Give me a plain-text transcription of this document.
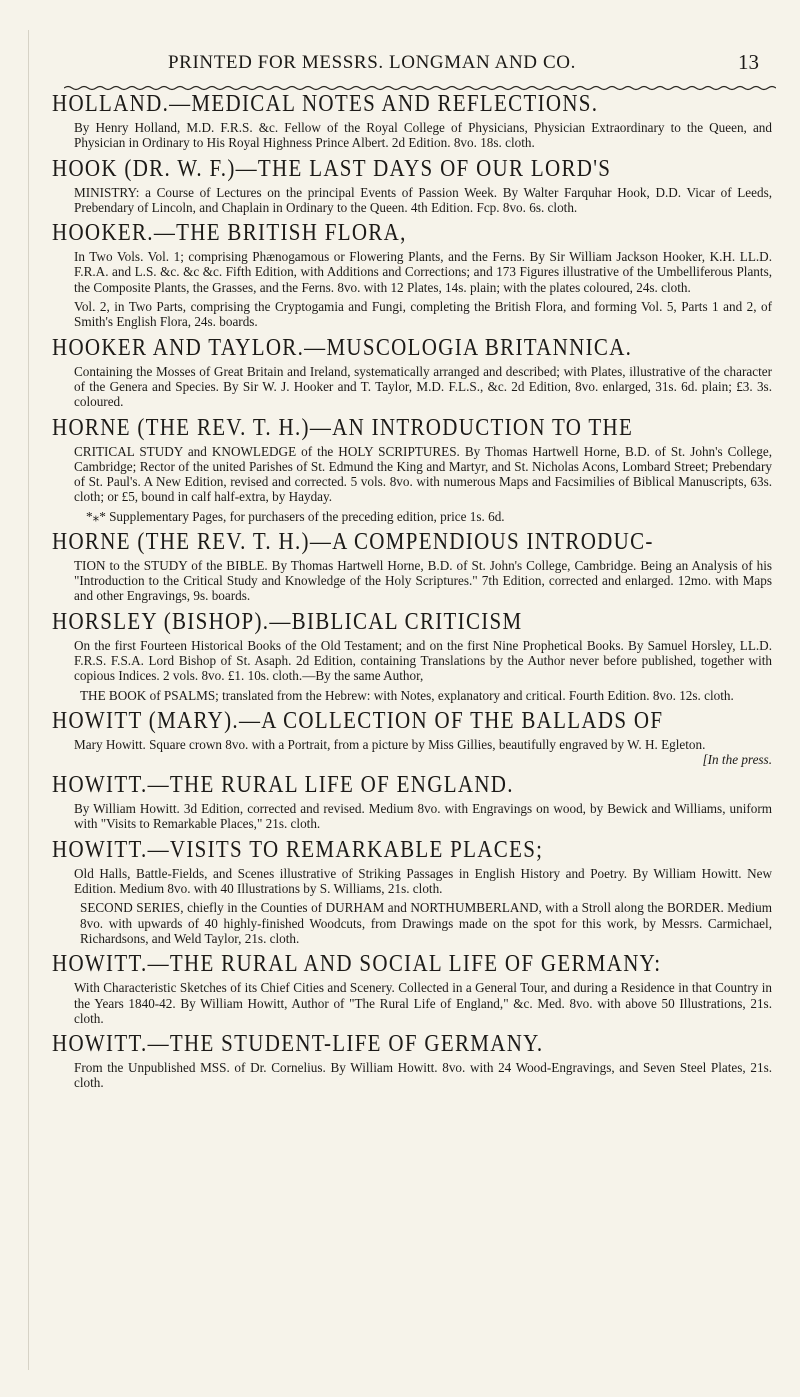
PRINTED FOR MESSRS. LONGMAN AND CO.	13
HOLLAND.—MEDICAL NOTES AND REFLECTIONS.

By Henry Holland, M.D. F.R.S. &c. Fellow of the Royal College of Physicians, Physician Extraordinary to the Queen, and Physician in Ordinary to His Royal Highness Prince Albert. 2d Edition. 8vo. 18s. cloth.

HOOK (DR. W. F.)—THE LAST DAYS OF OUR LORD'S

MINISTRY: a Course of Lectures on the principal Events of Passion Week. By Walter Farquhar Hook, D.D. Vicar of Leeds, Prebendary of Lincoln, and Chaplain in Ordinary to the Queen. 4th Edition. Fcp. 8vo. 6s. cloth.

HOOKER.—THE BRITISH FLORA,

In Two Vols. Vol. 1; comprising Phænogamous or Flowering Plants, and the Ferns. By Sir William Jackson Hooker, K.H. LL.D. F.R.A. and L.S. &c. &c &c. Fifth Edition, with Additions and Corrections; and 173 Figures illustrative of the Umbelliferous Plants, the Composite Plants, the Grasses, and the Ferns. 8vo. with 12 Plates, 14s. plain; with the plates coloured, 24s. cloth.

Vol. 2, in Two Parts, comprising the Cryptogamia and Fungi, completing the British Flora, and forming Vol. 5, Parts 1 and 2, of Smith's English Flora, 24s. boards.

HOOKER AND TAYLOR.—MUSCOLOGIA BRITANNICA.

Containing the Mosses of Great Britain and Ireland, systematically arranged and described; with Plates, illustrative of the character of the Genera and Species. By Sir W. J. Hooker and T. Taylor, M.D. F.L.S., &c. 2d Edition, 8vo. enlarged, 31s. 6d. plain; £3. 3s. coloured.

HORNE (THE REV. T. H.)—AN INTRODUCTION TO THE

CRITICAL STUDY and KNOWLEDGE of the HOLY SCRIPTURES. By Thomas Hartwell Horne, B.D. of St. John's College, Cambridge; Rector of the united Parishes of St. Edmund the King and Martyr, and St. Nicholas Acons, Lombard Street; Prebendary of St. Paul's. A New Edition, revised and corrected. 5 vols. 8vo. with numerous Maps and Facsimilies of Biblical Manuscripts, 63s. cloth; or £5, bound in calf half-extra, by Hayday.

*⁎* Supplementary Pages, for purchasers of the preceding edition, price 1s. 6d.
HORNE (THE REV. T. H.)—A COMPENDIOUS INTRODUC-

TION to the STUDY of the BIBLE. By Thomas Hartwell Horne, B.D. of St. John's College, Cambridge. Being an Analysis of his "Introduction to the Critical Study and Knowledge of the Holy Scriptures." 7th Edition, corrected and enlarged. 12mo. with Maps and other Engravings, 9s. boards.

HORSLEY (BISHOP).—BIBLICAL CRITICISM

On the first Fourteen Historical Books of the Old Testament; and on the first Nine Prophetical Books. By Samuel Horsley, LL.D. F.R.S. F.S.A. Lord Bishop of St. Asaph. 2d Edition, containing Translations by the Author never before published, together with copious Indices. 2 vols. 8vo. £1. 10s. cloth.—By the same Author,

THE BOOK of PSALMS; translated from the Hebrew: with Notes, explanatory and critical. Fourth Edition. 8vo. 12s. cloth.

HOWITT (MARY).—A COLLECTION OF THE BALLADS OF

Mary Howitt. Square crown 8vo. with a Portrait, from a picture by Miss Gillies, beautifully engraved by W. H. Egleton.

[In the press.
HOWITT.—THE RURAL LIFE OF ENGLAND.

By William Howitt. 3d Edition, corrected and revised. Medium 8vo. with Engravings on wood, by Bewick and Williams, uniform with "Visits to Remarkable Places," 21s. cloth.

HOWITT.—VISITS TO REMARKABLE PLACES;

Old Halls, Battle-Fields, and Scenes illustrative of Striking Passages in English History and Poetry. By William Howitt. New Edition. Medium 8vo. with 40 Illustrations by S. Williams, 21s. cloth.

SECOND SERIES, chiefly in the Counties of DURHAM and NORTHUMBERLAND, with a Stroll along the BORDER. Medium 8vo. with upwards of 40 highly-finished Woodcuts, from Drawings made on the spot for this work, by Messrs. Carmichael, Richardsons, and Weld Taylor, 21s. cloth.

HOWITT.—THE RURAL AND SOCIAL LIFE OF GERMANY:

With Characteristic Sketches of its Chief Cities and Scenery. Collected in a General Tour, and during a Residence in that Country in the Years 1840-42. By William Howitt, Author of "The Rural Life of England," &c. Med. 8vo. with above 50 Illustrations, 21s. cloth.

HOWITT.—THE STUDENT-LIFE OF GERMANY.

From the Unpublished MSS. of Dr. Cornelius. By William Howitt. 8vo. with 24 Wood-Engravings, and Seven Steel Plates, 21s. cloth.
